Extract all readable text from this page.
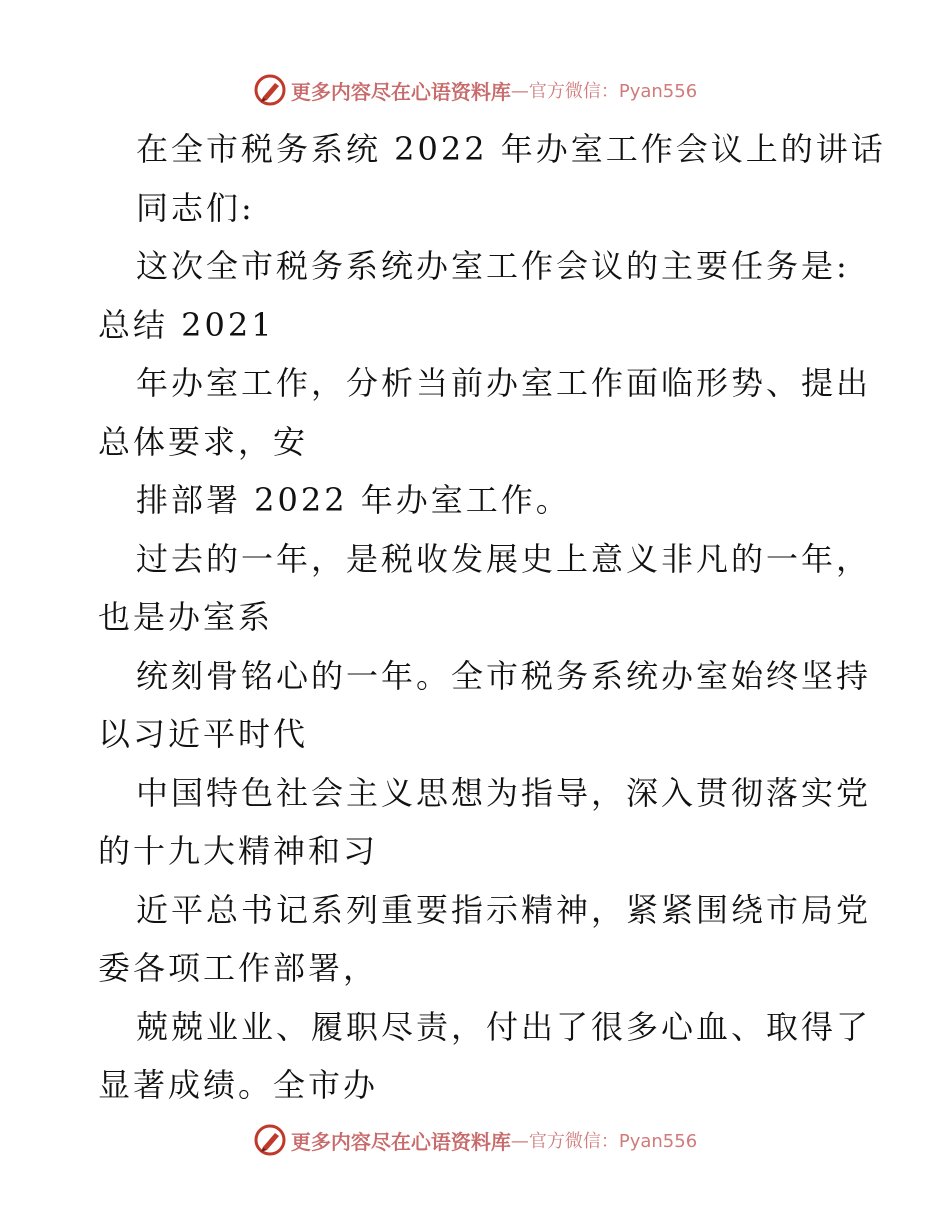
更多内容尽在心语资料库 —官方微信：Pyan556
在全市税务系统 2022 年办室工作会议上的讲话
同志们:
这次全市税务系统办室工作会议的主要任务是:
总结 2021
年办室工作，分析当前办室工作面临形势、提出
总体要求，安
排部署 2022 年办室工作。
过去的一年，是税收发展史上意义非凡的一年，
也是办室系
统刻骨铭心的一年。全市税务系统办室始终坚持
以习近平时代
中国特色社会主义思想为指导，深入贯彻落实党
的十九大精神和习
近平总书记系列重要指示精神，紧紧围绕市局党
委各项工作部署，
兢兢业业、履职尽责，付出了很多心血、取得了
显著成绩。全市办
更多内容尽在心语资料库 —官方微信：Pyan556
